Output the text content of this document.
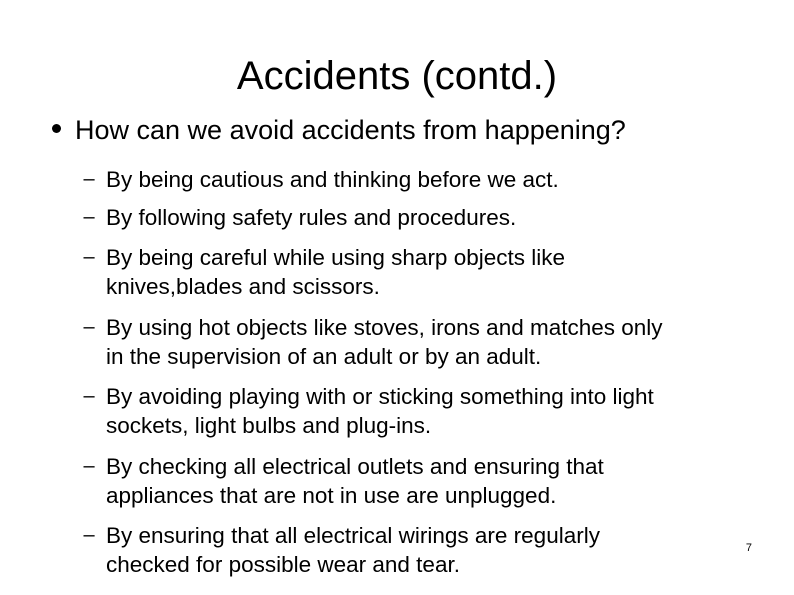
Accidents (contd.)
How can we avoid accidents from happening?
– By being cautious and thinking before we act.
– By following safety rules and procedures.
– By being careful while using sharp objects like
knives,blades and scissors.
– By using hot objects like stoves, irons and matches only
in the supervision of an adult or by an adult.
– By avoiding playing with or sticking something into light
sockets, light bulbs and plug-ins.
– By checking all electrical outlets and ensuring that
appliances that are not in use are unplugged.
– By ensuring that all electrical wirings are regularly
checked for possible wear and tear.
7
